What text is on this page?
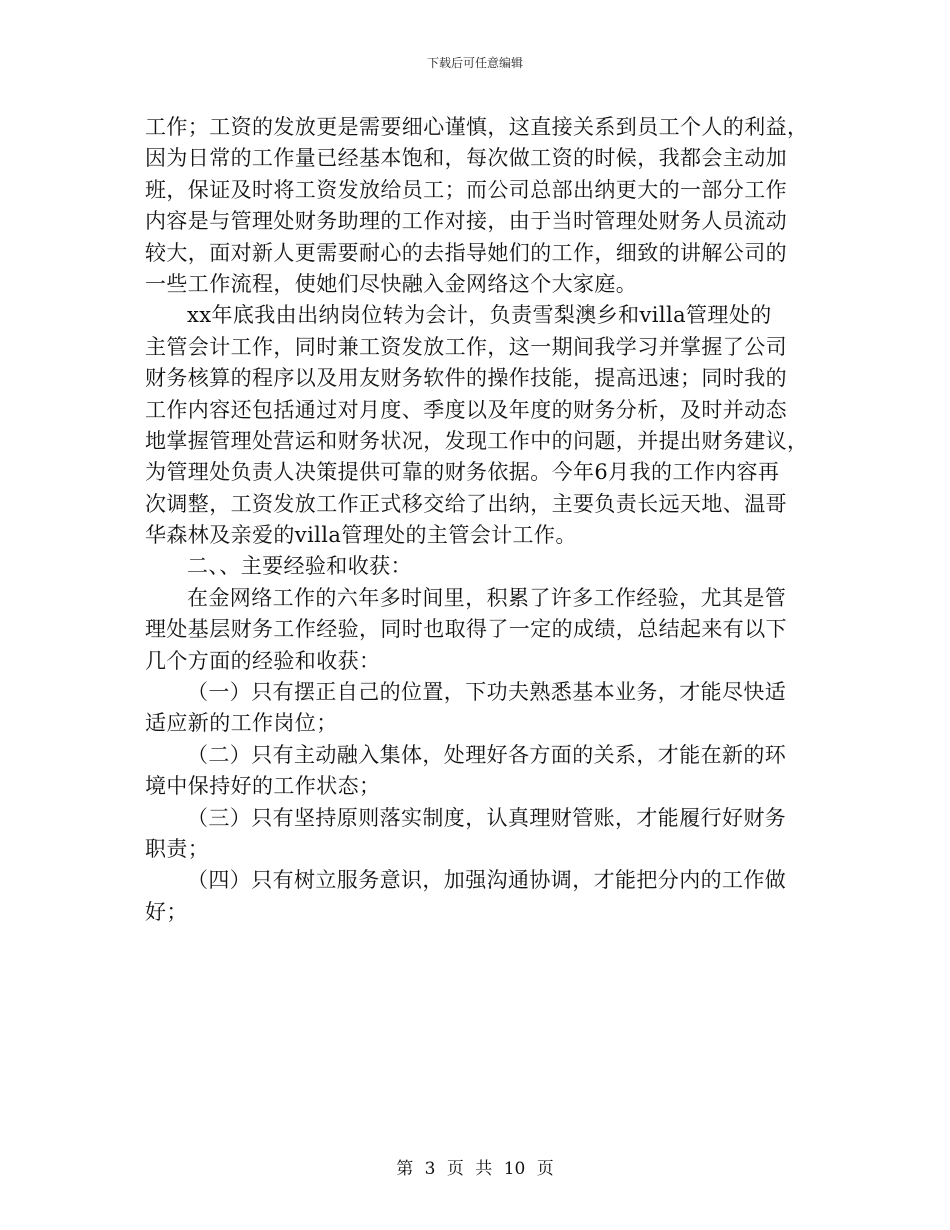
下载后可任意编辑
工作；工资的发放更是需要细心谨慎，这直接关系到员工个人的利益，
因为日常的工作量已经基本饱和，每次做工资的时候，我都会主动加
班，保证及时将工资发放给员工；而公司总部出纳更大的一部分工作
内容是与管理处财务助理的工作对接，由于当时管理处财务人员流动
较大，面对新人更需要耐心的去指导她们的工作，细致的讲解公司的
一些工作流程，使她们尽快融入金网络这个大家庭。
xx年底我由出纳岗位转为会计，负责雪梨澳乡和villa管理处的
主管会计工作，同时兼工资发放工作，这一期间我学习并掌握了公司
财务核算的程序以及用友财务软件的操作技能，提高迅速；同时我的
工作内容还包括通过对月度、季度以及年度的财务分析，及时并动态
地掌握管理处营运和财务状况，发现工作中的问题，并提出财务建议，
为管理处负责人决策提供可靠的财务依据。今年6月我的工作内容再
次调整，工资发放工作正式移交给了出纳，主要负责长远天地、温哥
华森林及亲爱的villa管理处的主管会计工作。
二、、主要经验和收获：
在金网络工作的六年多时间里，积累了许多工作经验，尤其是管
理处基层财务工作经验，同时也取得了一定的成绩，总结起来有以下
几个方面的经验和收获：
（一）只有摆正自己的位置，下功夫熟悉基本业务，才能尽快适
适应新的工作岗位；
（二）只有主动融入集体，处理好各方面的关系，才能在新的环
境中保持好的工作状态；
（三）只有坚持原则落实制度，认真理财管账，才能履行好财务
职责；
（四）只有树立服务意识，加强沟通协调，才能把分内的工作做
好；
第 3 页 共 10 页
